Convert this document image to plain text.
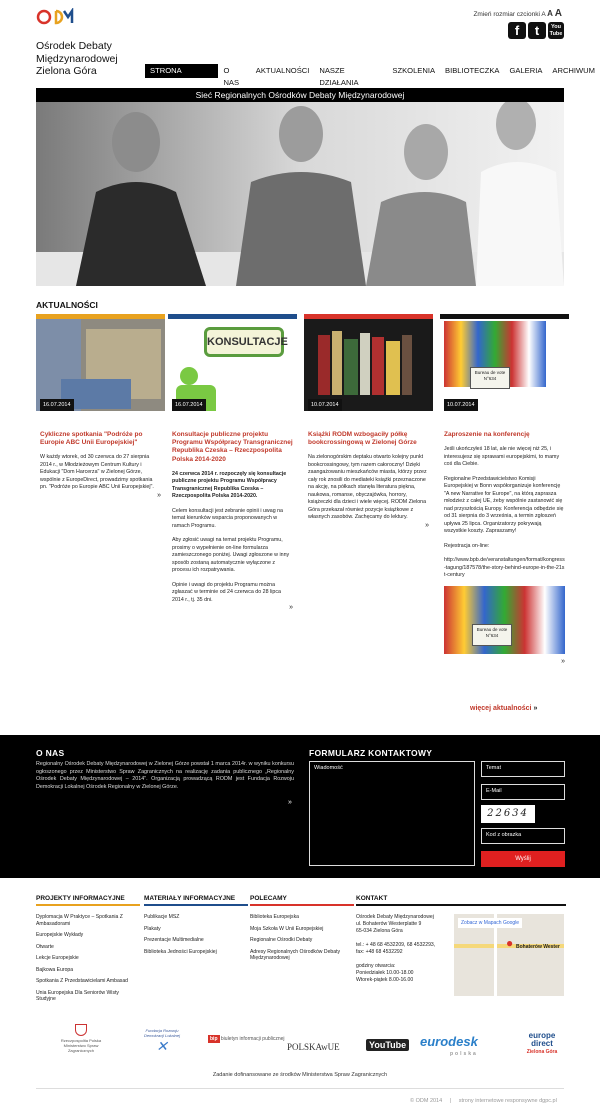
Ośrodek Debaty
Międzynarodowej
Zielona Góra
Zmień rozmiar czcionki A A A
f	t	You Tube
STRONA GŁÓWNA
O NAS
AKTUALNOŚCI	NASZE DZIAŁANIA
SZKOLENIA	BIBLIOTECZKA	GALERIA	ARCHIWUM
Sieć Regionalnych Ośrodków Debaty Międzynarodowej
AKTUALNOŚCI
16.07.2014
Cykliczne spotkania "Podróże po Europie ABC Unii Europejskiej"

W każdy wtorek, od 30 czerwca do 27 sierpnia 2014 r., w Młodzieżowym Centrum Kultury i Edukacji "Dom Harcerza" w Zielonej Górze, wspólnie z EuropeDirect, prowadzimy spotkania pn. "Podróże po Europie ABC Unii Europejskiej".

»
KONSULTACJE
16.07.2014
Konsultacje publiczne projektu Programu Współpracy Transgranicznej Republika Czeska – Rzeczpospolita Polska 2014-2020

24 czerwca 2014 r. rozpoczęły się konsultacje publiczne projektu Programu Współpracy Transgranicznej Republika Czeska – Rzeczpospolita Polska 2014-2020.

Celem konsultacji jest zebranie opinii i uwag na temat kierunków wsparcia proponowanych w ramach Programu.

Aby zgłosić uwagi na temat projektu Programu, prosimy o wypełnienie on-line formularza zamieszczonego poniżej. Uwagi zgłoszone w inny sposób zostaną automatycznie wyłączone z procesu ich rozpatrywania.

Opinie i uwagi do projektu Programu można zgłaszać w terminie od 24 czerwca do 28 lipca 2014 r., tj. 35 dni.

»
10.07.2014
Książki RODM wzbogaciły półkę bookcrossingową w Zielonej Górze

Na zielonogórskim deptaku otwarto kolejny punkt bookcrossingowy, tym razem całoroczny! Dzięki zaangażowaniu mieszkańców miasta, którzy przez cały rok znosili do mediateki książki przeznaczone na akcję, na półkach stanęła literatura piękna, naukowa, romanse, obyczajówka, horrory, książeczki dla dzieci i wiele więcej. RODM Zielona Góra przekazał również pozycje książkowe z własnych zasobów. Zachęcamy do lektury.

»
Bureau de vote N°634
10.07.2014
Zaproszenie na konferencję

Jeśli ukończyłeś 18 lat, ale nie więcej niż 25, i interesujesz się sprawami europejskimi, to mamy coś dla Ciebie.

Regionalne Przedstawicielstwo Komisji Europejskiej w Bonn współorganizuje konferencję "A new Narrative for Europe", na którą zaprasza młodzież z całej UE, żeby wspólnie zastanowić się nad przyszłością Europy. Konferencja odbędzie się od 31 sierpnia do 3 września, a termin zgłoszeń upływa 25 lipca. Organizatorzy pokrywają wszystkie koszty. Zapraszamy!

Rejestracja on-line:

http://www.bpb.de/veranstaltungen/format/kongress-tagung/187578/the-story-behind-europe-in-the-21st-century

Bureau de vote N°634
»
więcej aktualności »
O NAS
Regionalny Ośrodek Debaty Międzynarodowej w Zielonej Górze powstał 1 marca 2014r. w wyniku konkursu ogłoszonego przez Ministerstwo Spraw Zagranicznych na realizację zadania publicznego „Regionalny Ośrodek Debaty Międzynarodowej – 2014". Organizacją prowadzącą RODM jest Fundacja Rozwoju Demokracji Lokalnej Ośrodek Regionalny w Zielonej Górze.
»
FORMULARZ KONTAKTOWY
Wiadomość	Temat
E-Mail
22634
Kod z obrazka
Wyślij
PROJEKTY INFORMACYJNE
Dyplomacja W Praktyce – Spotkania Z Ambasadorami
Europejskie Wykłady
Otwarte
Lekcje Europejskie
Bajkowa Europa
Spotkania Z Przedstawicielami Ambasad
Unia Europejska Dla Seniorów Wisty Studyjne
MATERIAŁY INFORMACYJNE
Publikacje MSZ
Plakaty
Prezentacje Multimedialne
Biblioteka Jedności Europejskiej
POLECAMY
Biblioteka Europejska
Moja Szkoła W Unii Europejskiej
Regionalne Ośrodki Debaty
Adresy Regionalnych Ośrodków Debaty Międzynarodowej
KONTAKT
Ośrodek Debaty Międzynarodowej
ul. Bohaterów Westerplatte 9
65-034 Zielona Góra
tel.: + 48 68 4532209, 68 4532293,
fax: +48 68 4532292
godziny otwarcia:
Poniedziałek 10.00-18.00
Wtorek-piątek 8.00-16.00
Zobacz w Mapach Google
● Bohaterów Wester
Rzeczpospolita Polska Ministerstwo Spraw Zagranicznych
Fundacja Rozwoju Demokracji Lokalnej
✕	bip biuletyn informacji publicznej
POLSKAwUE	YouTube eurodesk
polska
europe direct
Zielona Góra
Zadanie dofinansowane ze środków Ministerstwa Spraw Zagranicznych
© ODM 2014 | strony internetowe responsywne dgpc.pl
